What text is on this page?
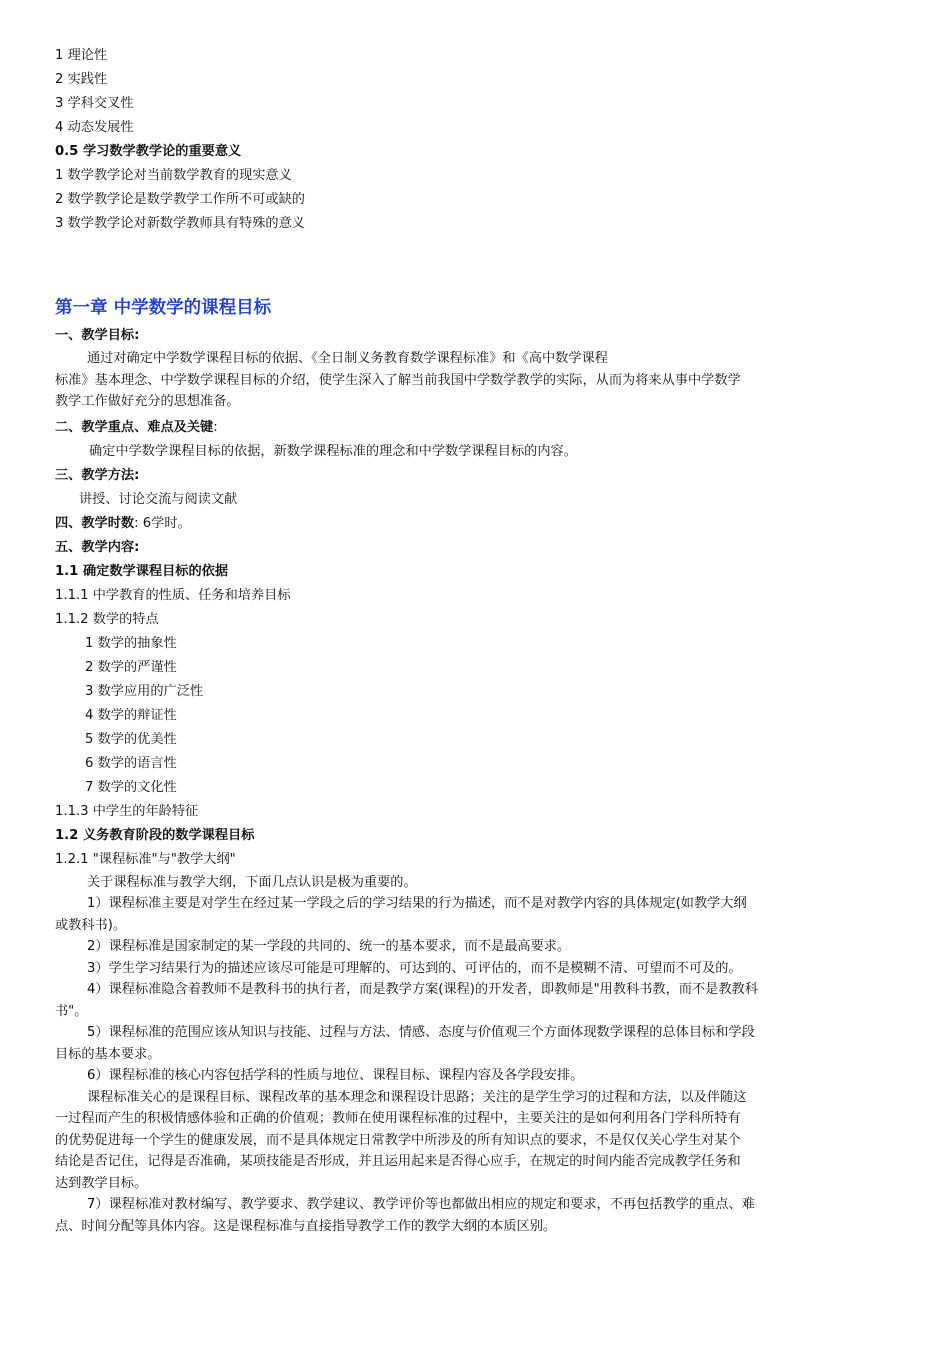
1 理论性
2 实践性
3 学科交叉性
4 动态发展性
0.5 学习数学教学论的重要意义
1 数学教学论对当前数学教育的现实意义
2 数学教学论是数学教学工作所不可或缺的
3 数学教学论对新数学教师具有特殊的意义
第一章 中学数学的课程目标
一、教学目标:
通过对确定中学数学课程目标的依据、《全日制义务教育数学课程标准》和《高中数学课程
标准》基本理念、中学数学课程目标的介绍，使学生深入了解当前我国中学数学教学的实际，从而为将来从事中学数学
教学工作做好充分的思想准备。
二、教学重点、难点及关键:
确定中学数学课程目标的依据，新数学课程标准的理念和中学数学课程目标的内容。
三、教学方法:
讲授、讨论交流与阅读文献
四、教学时数: 6学时。
五、教学内容:
1.1 确定数学课程目标的依据
1.1.1 中学教育的性质、任务和培养目标
1.1.2 数学的特点
1 数学的抽象性
2 数学的严谨性
3 数学应用的广泛性
4 数学的辩证性
5 数学的优美性
6 数学的语言性
7 数学的文化性
1.1.3 中学生的年龄特征
1.2 义务教育阶段的数学课程目标
1.2.1 "课程标准"与"教学大纲"
关于课程标准与教学大纲，下面几点认识是极为重要的。
1）课程标准主要是对学生在经过某一学段之后的学习结果的行为描述，而不是对教学内容的具体规定(如教学大纲
或教科书)。
2）课程标准是国家制定的某一学段的共同的、统一的基本要求，而不是最高要求。
3）学生学习结果行为的描述应该尽可能是可理解的、可达到的、可评估的，而不是模糊不清、可望而不可及的。
4）课程标准隐含着教师不是教科书的执行者，而是教学方案(课程)的开发者，即教师是"用教科书教，而不是教教科
书"。
5）课程标准的范围应该从知识与技能、过程与方法、情感、态度与价值观三个方面体现数学课程的总体目标和学段
目标的基本要求。
6）课程标准的核心内容包括学科的性质与地位、课程目标、课程内容及各学段安排。
课程标准关心的是课程目标、课程改革的基本理念和课程设计思路；关注的是学生学习的过程和方法，以及伴随这
一过程而产生的积极情感体验和正确的价值观；教师在使用课程标准的过程中，主要关注的是如何利用各门学科所特有
的优势促进每一个学生的健康发展，而不是具体规定日常教学中所涉及的所有知识点的要求，不是仅仅关心学生对某个
结论是否记住，记得是否准确，某项技能是否形成，并且运用起来是否得心应手，在规定的时间内能否完成教学任务和
达到教学目标。
7）课程标准对教材编写、教学要求、教学建议、教学评价等也都做出相应的规定和要求，不再包括教学的重点、难
点、时间分配等具体内容。这是课程标准与直接指导教学工作的教学大纲的本质区别。
